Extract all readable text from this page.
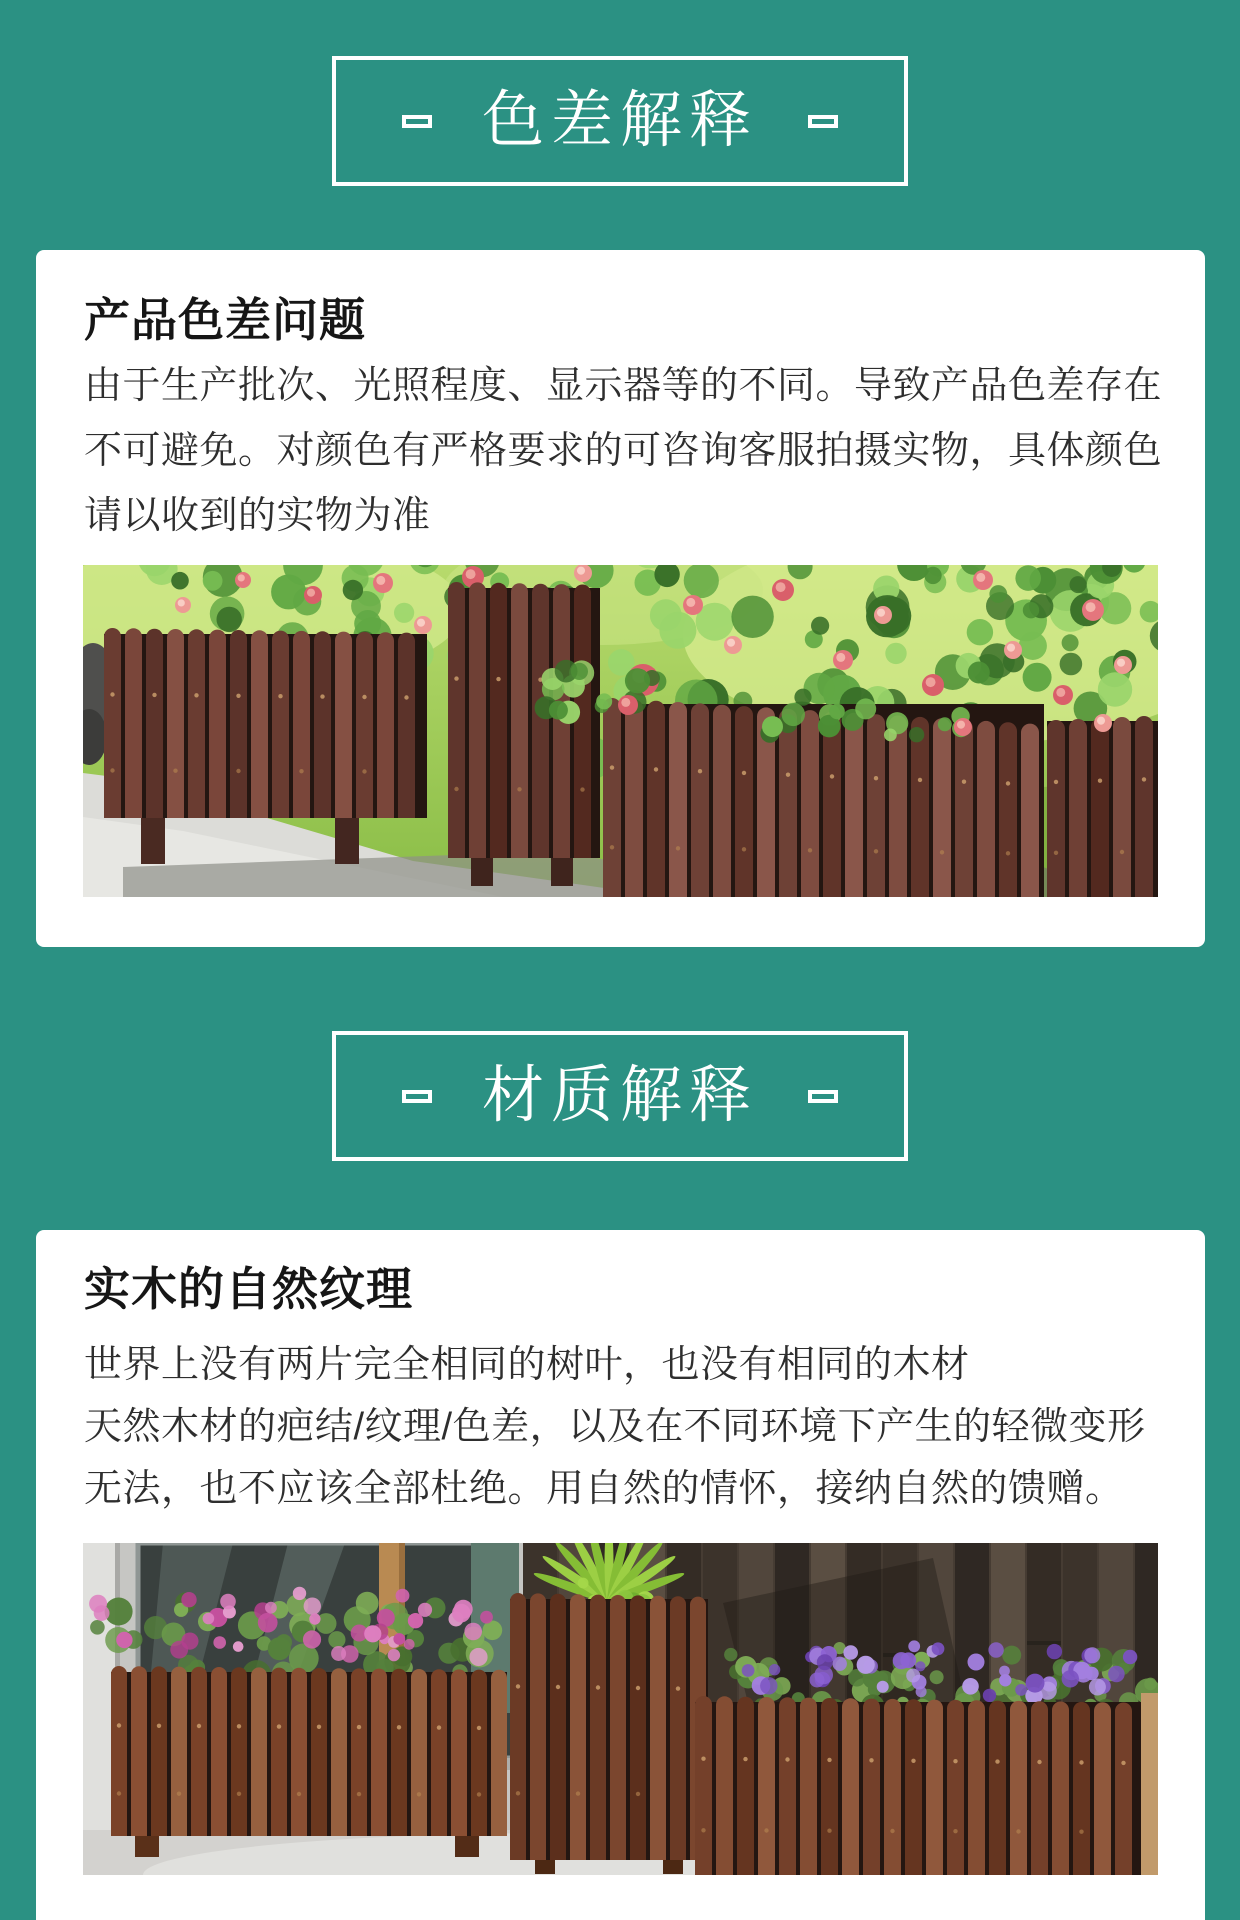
色差解释
产品色差问题
由于生产批次、光照程度、显示器等的不同。导致产品色差存在
不可避免。对颜色有严格要求的可咨询客服拍摄实物，具体颜色
请以收到的实物为准
材质解释
实木的自然纹理
世界上没有两片完全相同的树叶，也没有相同的木材
天然木材的疤结/纹理/色差，以及在不同环境下产生的轻微变形
无法，也不应该全部杜绝。用自然的情怀，接纳自然的馈赠。
